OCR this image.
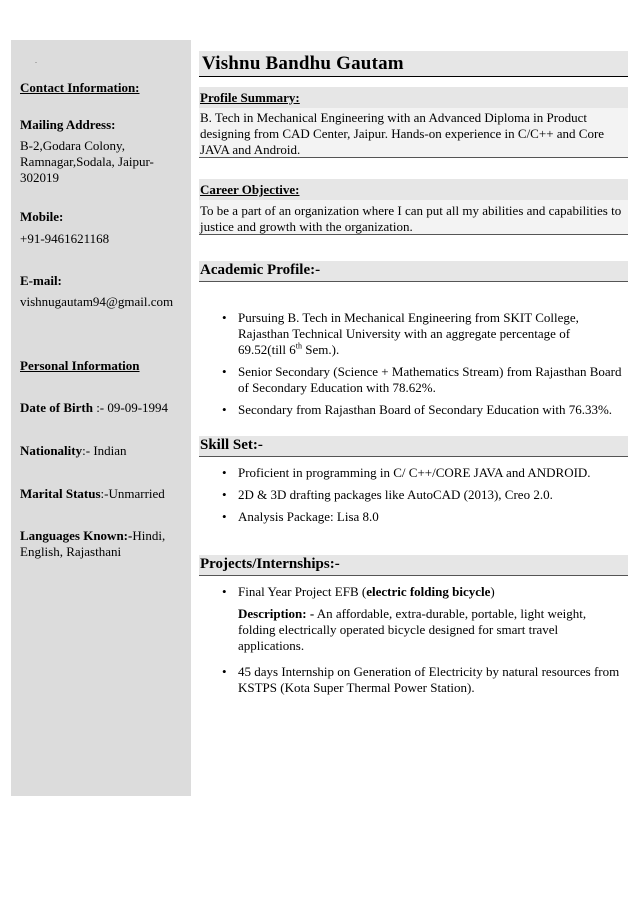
.
Contact Information:
Mailing Address:
B-2,Godara Colony,
Ramnagar,Sodala, Jaipur-
302019
Mobile:
+91-9461621168
E-mail:
vishnugautam94@gmail.com
Personal Information
Date of Birth :- 09-09-1994
Nationality:- Indian
Marital Status:-Unmarried
Languages Known:-Hindi,
English, Rajasthani
Vishnu Bandhu Gautam
Profile Summary:
B. Tech in Mechanical Engineering with an Advanced Diploma in Product
designing from CAD Center, Jaipur. Hands-on experience in C/C++ and Core
JAVA and Android.
Career Objective:
To be a part of an organization where I can put all my abilities and capabilities to
justice and growth with the organization.
Academic Profile:-
• Pursuing B. Tech in Mechanical Engineering from SKIT College,
Rajasthan Technical University with an aggregate percentage of
69.52(till 6th Sem.).
• Senior Secondary (Science + Mathematics Stream) from Rajasthan Board
of Secondary Education with 78.62%.
• Secondary from Rajasthan Board of Secondary Education with 76.33%.
Skill Set:-
• Proficient in programming in C/ C++/CORE JAVA and ANDROID.
• 2D & 3D drafting packages like AutoCAD (2013), Creo 2.0.
• Analysis Package: Lisa 8.0
Projects/Internships:-
• Final Year Project EFB (electric folding bicycle)
Description: - An affordable, extra-durable, portable, light weight,
folding electrically operated bicycle designed for smart travel
applications.
• 45 days Internship on Generation of Electricity by natural resources from
KSTPS (Kota Super Thermal Power Station).
